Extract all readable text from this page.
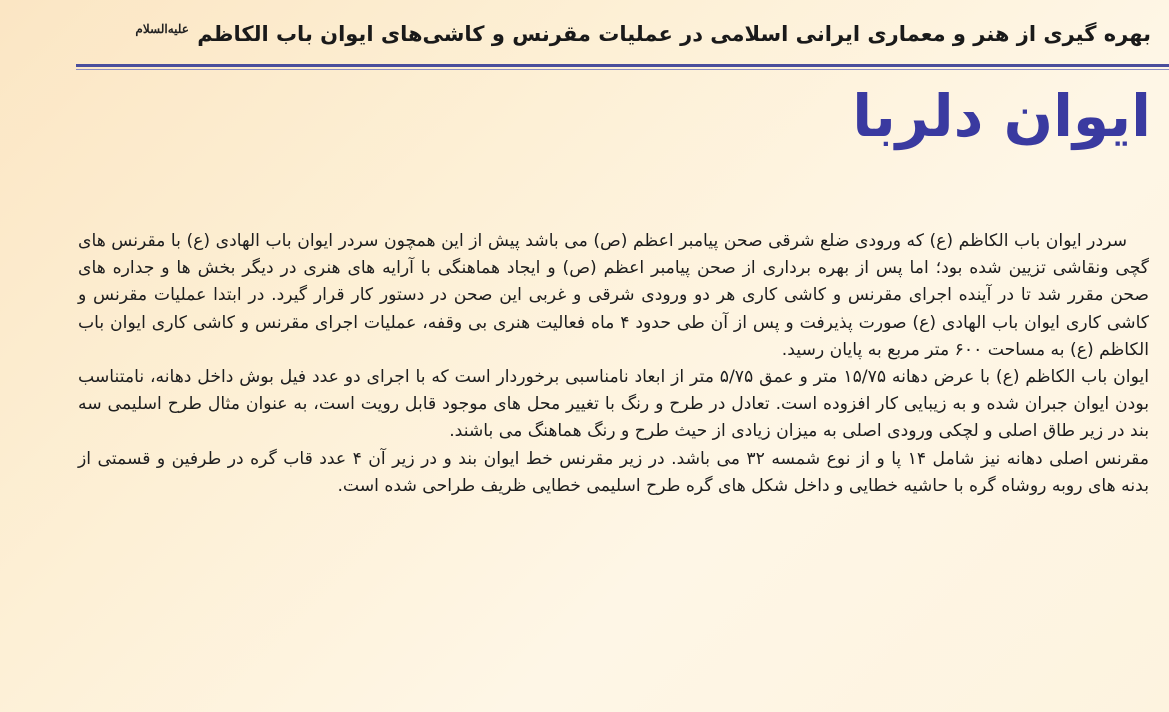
بهره گیری از هنر و معماری ایرانی اسلامی در عملیات مقرنس و کاشی‌های ایوان باب الکاظم $^{علیه‌السلام}$
ایوان دلربا

سردر ایوان باب الکاظم (ع) که ورودی ضلع شرقی صحن پیامبر اعظم (ص) می باشد پیش از این همچون سردر ایوان باب الهادی (ع) با مقرنس های گچی ونقاشی تزیین شده بود؛ اما پس از بهره برداری از صحن پیامبر اعظم (ص) و ایجاد هماهنگی با آرایه های هنری در دیگر بخش ها و جداره های صحن مقرر شد تا در آینده اجرای مقرنس و کاشی کاری هر دو ورودی شرقی و غربی این صحن در دستور کار قرار گیرد. در ابتدا عملیات مقرنس و کاشی کاری ایوان باب الهادی (ع) صورت پذیرفت و پس از آن طی حدود ۴ ماه فعالیت هنری بی وقفه، عملیات اجرای مقرنس و کاشی کاری ایوان باب الکاظم (ع) به مساحت ۶۰۰ متر مربع به پایان رسید.

ایوان باب الکاظم (ع) با عرض دهانه ۱۵/۷۵ متر و عمق ۵/۷۵ متر از ابعاد نامناسبی برخوردار است که با اجرای دو عدد فیل بوش داخل دهانه، نامتناسب بودن ایوان جبران شده و به زیبایی کار افزوده است. تعادل در طرح و رنگ با تغییر محل های موجود قابل رویت است، به عنوان مثال طرح اسلیمی سه بند در زیر طاق اصلی و لچکی ورودی اصلی به میزان زیادی از حیث طرح و رنگ هماهنگ می باشند.

مقرنس اصلی دهانه نیز شامل ۱۴ پا و از نوع شمسه ۳۲ می باشد. در زیر مقرنس خط ایوان بند و در زیر آن ۴ عدد قاب گره در طرفین و قسمتی از بدنه های روبه روشاه گره با حاشیه خطایی و داخل شکل های گره طرح اسلیمی خطایی ظریف طراحی شده است.
